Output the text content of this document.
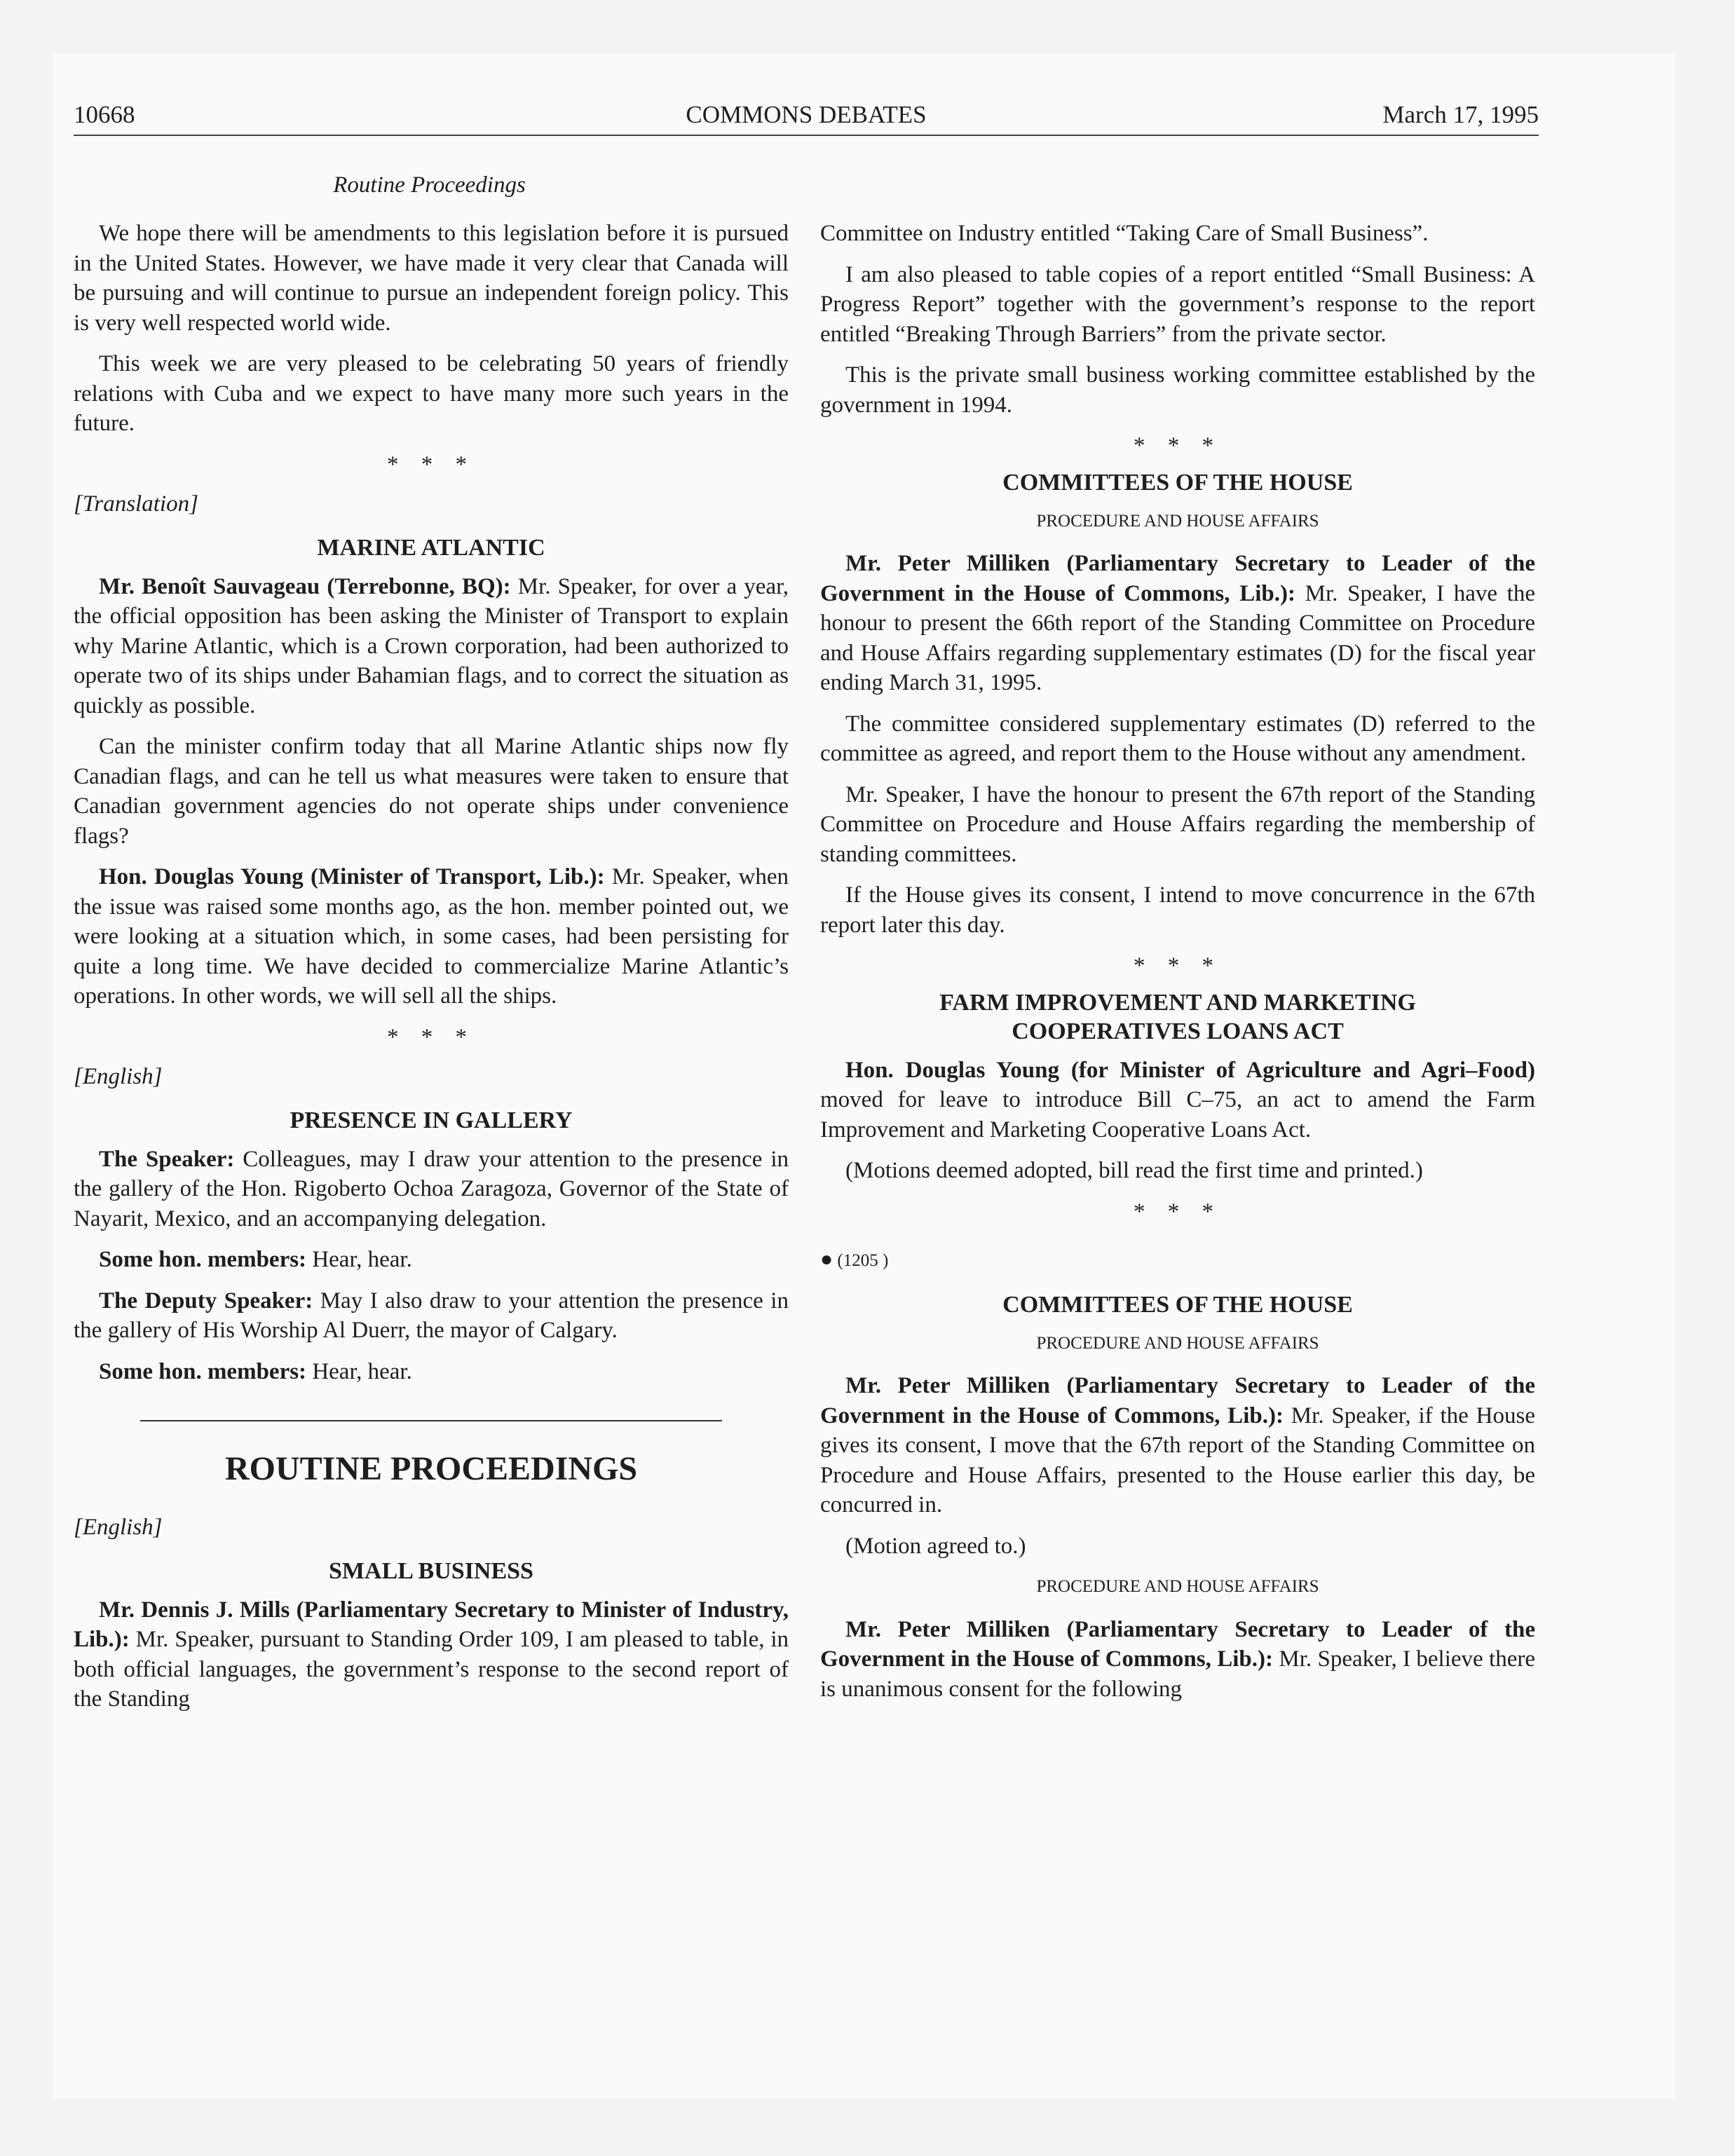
10668	COMMONS DEBATES	March 17, 1995
Routine Proceedings

We hope there will be amendments to this legislation before it is pursued in the United States. However, we have made it very clear that Canada will be pursuing and will continue to pursue an independent foreign policy. This is very well respected world wide.

This week we are very pleased to be celebrating 50 years of friendly relations with Cuba and we expect to have many more such years in the future.

* * *
[Translation]
MARINE ATLANTIC

Mr. Benoît Sauvageau (Terrebonne, BQ): Mr. Speaker, for over a year, the official opposition has been asking the Minister of Transport to explain why Marine Atlantic, which is a Crown corporation, had been authorized to operate two of its ships under Bahamian flags, and to correct the situation as quickly as possible.

Can the minister confirm today that all Marine Atlantic ships now fly Canadian flags, and can he tell us what measures were taken to ensure that Canadian government agencies do not operate ships under convenience flags?

Hon. Douglas Young (Minister of Transport, Lib.): Mr. Speaker, when the issue was raised some months ago, as the hon. member pointed out, we were looking at a situation which, in some cases, had been persisting for quite a long time. We have decided to commercialize Marine Atlantic’s operations. In other words, we will sell all the ships.

* * *
[English]
PRESENCE IN GALLERY

The Speaker: Colleagues, may I draw your attention to the presence in the gallery of the Hon. Rigoberto Ochoa Zaragoza, Governor of the State of Nayarit, Mexico, and an accompanying delegation.

Some hon. members: Hear, hear.

The Deputy Speaker: May I also draw to your attention the presence in the gallery of His Worship Al Duerr, the mayor of Calgary.

Some hon. members: Hear, hear.

ROUTINE PROCEEDINGS
[English]
SMALL BUSINESS

Mr. Dennis J. Mills (Parliamentary Secretary to Minister of Industry, Lib.): Mr. Speaker, pursuant to Standing Order 109, I am pleased to table, in both official languages, the government’s response to the second report of the Standing

Committee on Industry entitled “Taking Care of Small Business”.

I am also pleased to table copies of a report entitled “Small Business: A Progress Report” together with the government’s response to the report entitled “Breaking Through Barriers” from the private sector.

This is the private small business working committee established by the government in 1994.

* * *
COMMITTEES OF THE HOUSE
PROCEDURE AND HOUSE AFFAIRS

Mr. Peter Milliken (Parliamentary Secretary to Leader of the Government in the House of Commons, Lib.): Mr. Speaker, I have the honour to present the 66th report of the Standing Committee on Procedure and House Affairs regarding supplementary estimates (D) for the fiscal year ending March 31, 1995.

The committee considered supplementary estimates (D) referred to the committee as agreed, and report them to the House without any amendment.

Mr. Speaker, I have the honour to present the 67th report of the Standing Committee on Procedure and House Affairs regarding the membership of standing committees.

If the House gives its consent, I intend to move concurrence in the 67th report later this day.

* * *
FARM IMPROVEMENT AND MARKETING
COOPERATIVES LOANS ACT

Hon. Douglas Young (for Minister of Agriculture and Agri–Food) moved for leave to introduce Bill C–75, an act to amend the Farm Improvement and Marketing Cooperative Loans Act.

(Motions deemed adopted, bill read the first time and printed.)

* * *
● (1205 )
COMMITTEES OF THE HOUSE
PROCEDURE AND HOUSE AFFAIRS

Mr. Peter Milliken (Parliamentary Secretary to Leader of the Government in the House of Commons, Lib.): Mr. Speaker, if the House gives its consent, I move that the 67th report of the Standing Committee on Procedure and House Affairs, presented to the House earlier this day, be concurred in.

(Motion agreed to.)

PROCEDURE AND HOUSE AFFAIRS

Mr. Peter Milliken (Parliamentary Secretary to Leader of the Government in the House of Commons, Lib.): Mr. Speaker, I believe there is unanimous consent for the following
